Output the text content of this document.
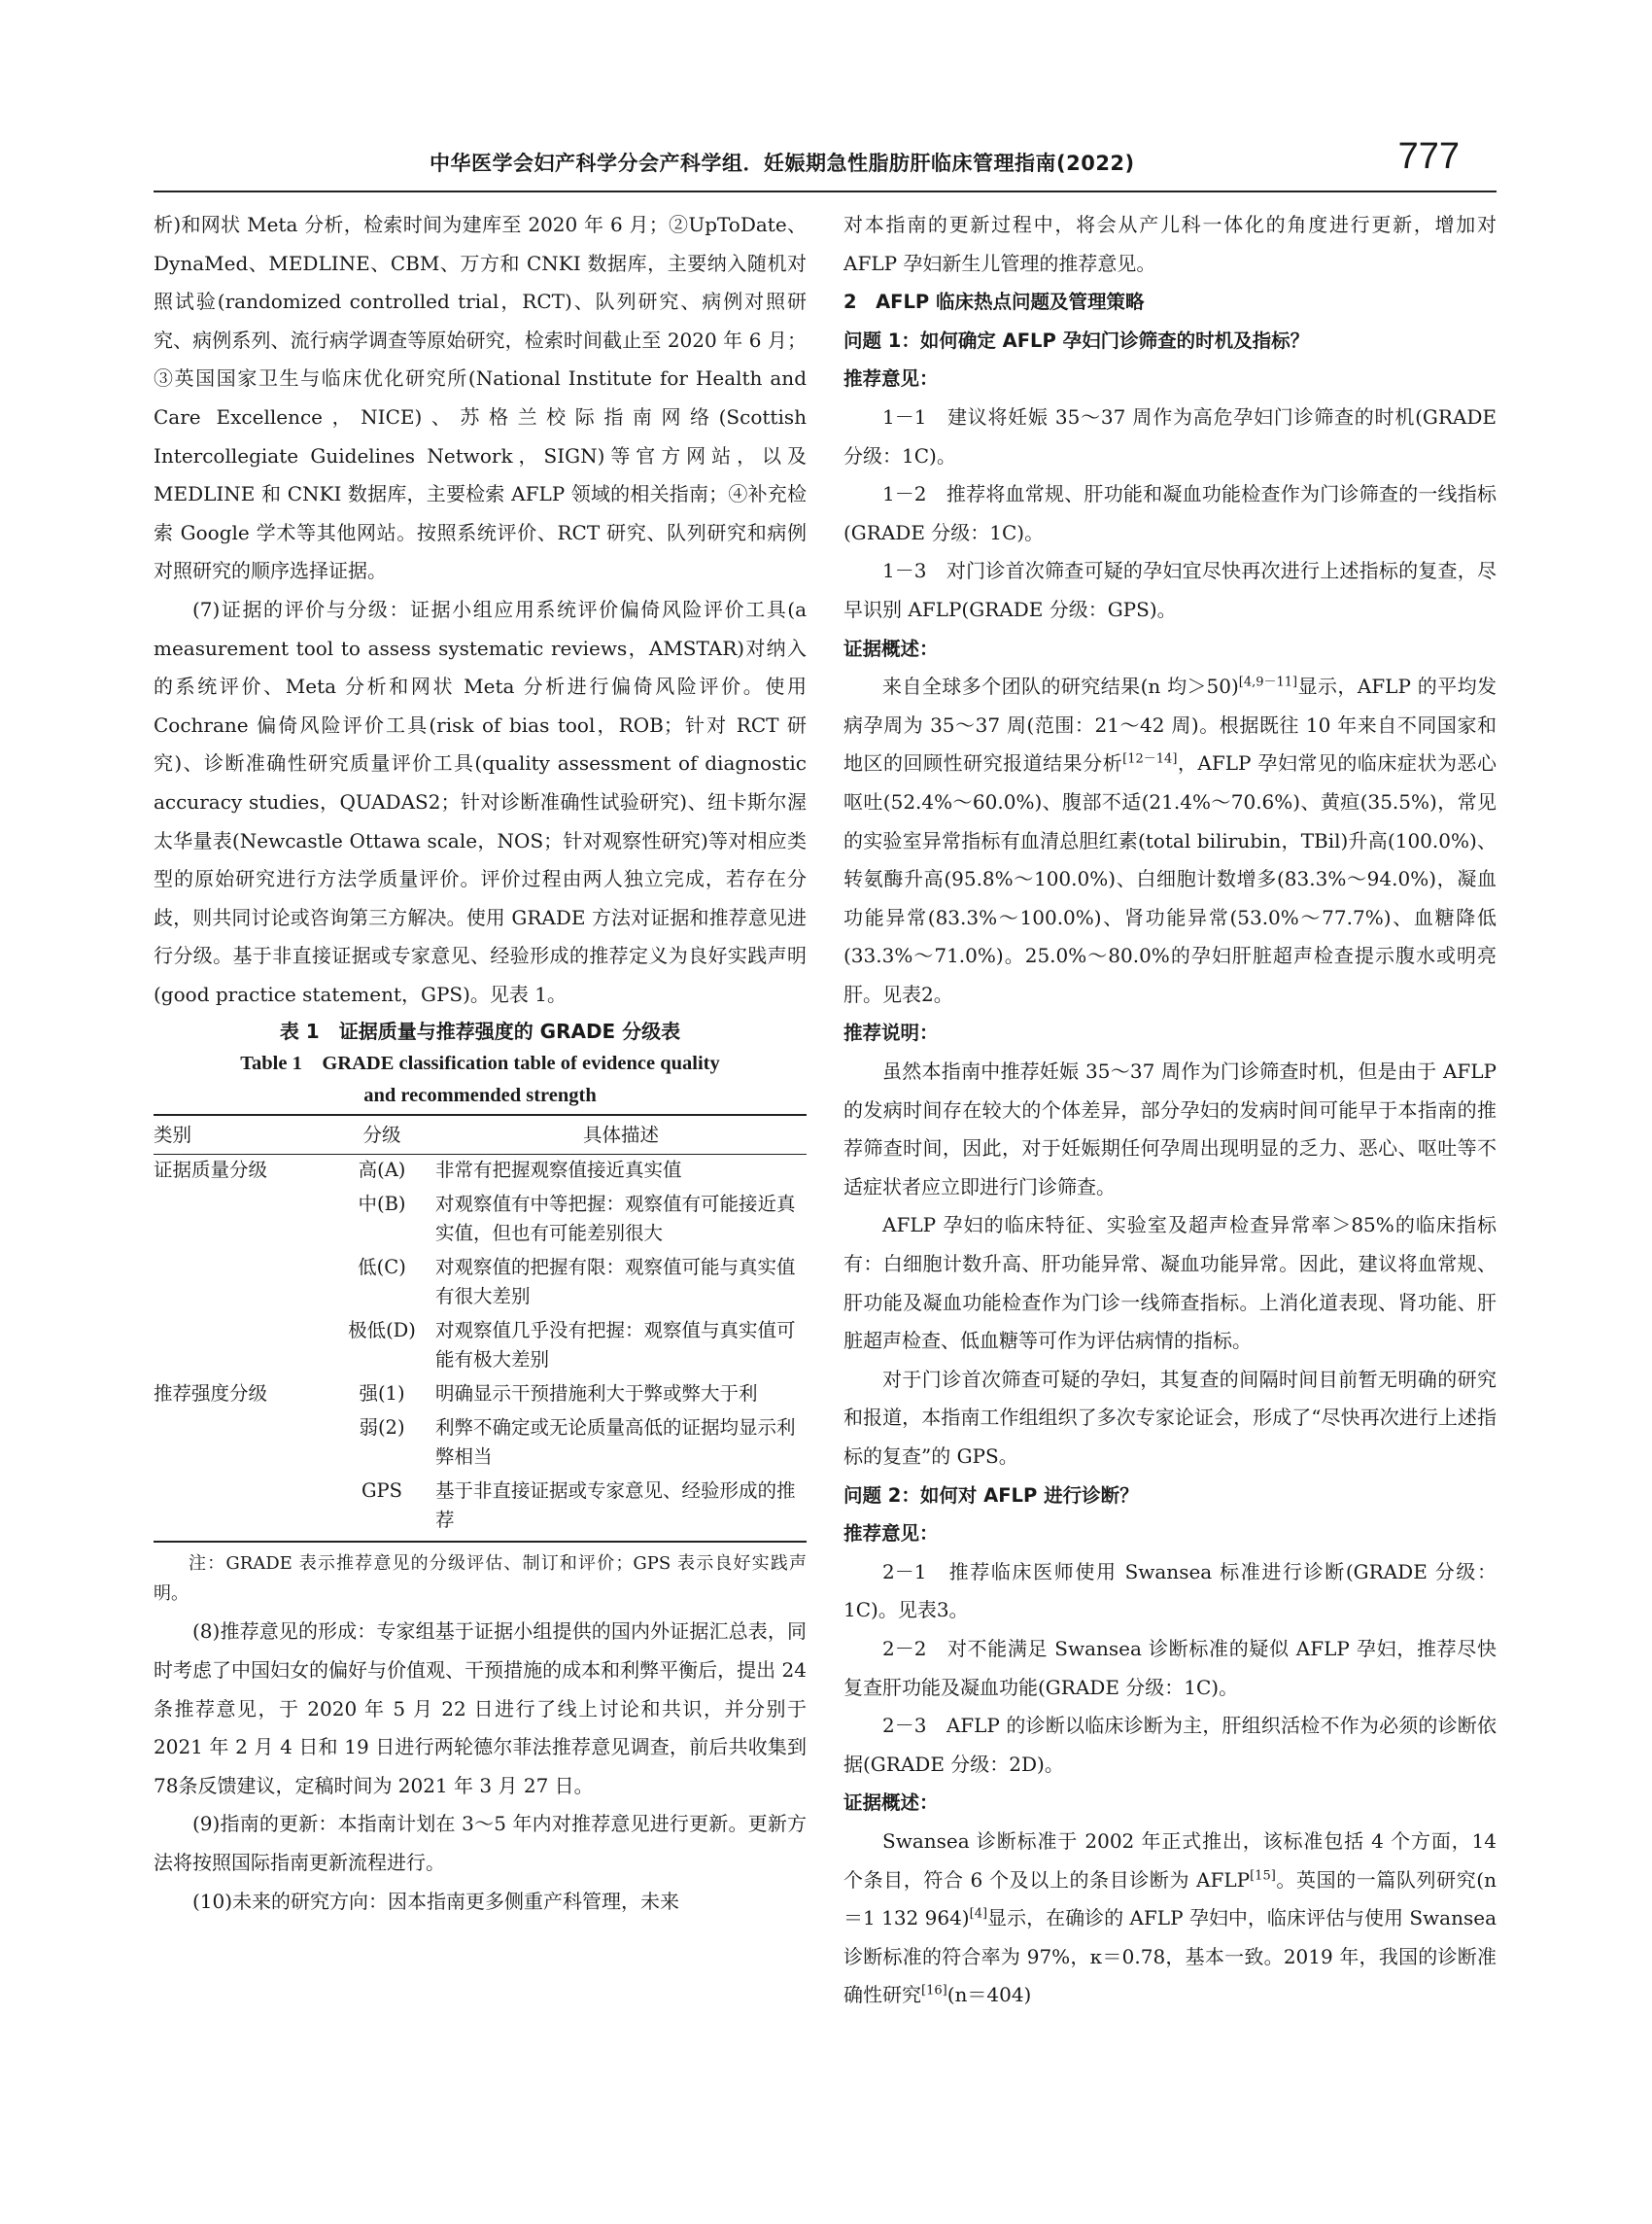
中华医学会妇产科学分会产科学组．妊娠期急性脂肪肝临床管理指南(2022)	777

析)和网状 Meta 分析，检索时间为建库至 2020 年 6 月；②UpToDate、DynaMed、MEDLINE、CBM、万方和 CNKI 数据库，主要纳入随机对照试验(randomized controlled trial，RCT)、队列研究、病例对照研究、病例系列、流行病学调查等原始研究，检索时间截止至 2020 年 6 月；③英国国家卫生与临床优化研究所(National Institute for Health and Care Excellence，NICE)、苏格兰校际指南网络(Scottish Intercollegiate Guidelines Network，SIGN)等官方网站，以及 MEDLINE 和 CNKI 数据库，主要检索 AFLP 领域的相关指南；④补充检索 Google 学术等其他网站。按照系统评价、RCT 研究、队列研究和病例对照研究的顺序选择证据。

(7)证据的评价与分级：证据小组应用系统评价偏倚风险评价工具(a measurement tool to assess systematic reviews，AMSTAR)对纳入的系统评价、Meta 分析和网状 Meta 分析进行偏倚风险评价。使用 Cochrane 偏倚风险评价工具(risk of bias tool，ROB；针对 RCT 研究)、诊断准确性研究质量评价工具(quality assessment of diagnostic accuracy studies，QUADAS2；针对诊断准确性试验研究)、纽卡斯尔渥太华量表(Newcastle Ottawa scale，NOS；针对观察性研究)等对相应类型的原始研究进行方法学质量评价。评价过程由两人独立完成，若存在分歧，则共同讨论或咨询第三方解决。使用 GRADE 方法对证据和推荐意见进行分级。基于非直接证据或专家意见、经验形成的推荐定义为良好实践声明(good practice statement，GPS)。见表 1。

表 1　证据质量与推荐强度的 GRADE 分级表
Table 1　GRADE classification table of evidence quality
and recommended strength
类别	分级	具体描述
证据质量分级	高(A)	非常有把握观察值接近真实值
	中(B)	对观察值有中等把握：观察值有可能接近真实值，但也有可能差别很大
	低(C)	对观察值的把握有限：观察值可能与真实值有很大差别
	极低(D)	对观察值几乎没有把握：观察值与真实值可能有极大差别
推荐强度分级	强(1)	明确显示干预措施利大于弊或弊大于利
	弱(2)	利弊不确定或无论质量高低的证据均显示利弊相当
	GPS	基于非直接证据或专家意见、经验形成的推荐
注：GRADE 表示推荐意见的分级评估、制订和评价；GPS 表示良好实践声明。

(8)推荐意见的形成：专家组基于证据小组提供的国内外证据汇总表，同时考虑了中国妇女的偏好与价值观、干预措施的成本和利弊平衡后，提出 24 条推荐意见，于 2020 年 5 月 22 日进行了线上讨论和共识，并分别于 2021 年 2 月 4 日和 19 日进行两轮德尔菲法推荐意见调查，前后共收集到78条反馈建议，定稿时间为 2021 年 3 月 27 日。

(9)指南的更新：本指南计划在 3～5 年内对推荐意见进行更新。更新方法将按照国际指南更新流程进行。

(10)未来的研究方向：因本指南更多侧重产科管理，未来

对本指南的更新过程中，将会从产儿科一体化的角度进行更新，增加对 AFLP 孕妇新生儿管理的推荐意见。

2　AFLP 临床热点问题及管理策略

问题 1：如何确定 AFLP 孕妇门诊筛查的时机及指标？

推荐意见：

1－1　建议将妊娠 35～37 周作为高危孕妇门诊筛查的时机(GRADE 分级：1C)。

1－2　推荐将血常规、肝功能和凝血功能检查作为门诊筛查的一线指标(GRADE 分级：1C)。

1－3　对门诊首次筛查可疑的孕妇宜尽快再次进行上述指标的复查，尽早识别 AFLP(GRADE 分级：GPS)。

证据概述：

来自全球多个团队的研究结果(n 均＞50)[4,9－11]显示，AFLP 的平均发病孕周为 35～37 周(范围：21～42 周)。根据既往 10 年来自不同国家和地区的回顾性研究报道结果分析[12－14]，AFLP 孕妇常见的临床症状为恶心呕吐(52.4%～60.0%)、腹部不适(21.4%～70.6%)、黄疸(35.5%)，常见的实验室异常指标有血清总胆红素(total bilirubin，TBil)升高(100.0%)、转氨酶升高(95.8%～100.0%)、白细胞计数增多(83.3%～94.0%)，凝血功能异常(83.3%～100.0%)、肾功能异常(53.0%～77.7%)、血糖降低(33.3%～71.0%)。25.0%～80.0%的孕妇肝脏超声检查提示腹水或明亮肝。见表2。

推荐说明：

虽然本指南中推荐妊娠 35～37 周作为门诊筛查时机，但是由于 AFLP 的发病时间存在较大的个体差异，部分孕妇的发病时间可能早于本指南的推荐筛查时间，因此，对于妊娠期任何孕周出现明显的乏力、恶心、呕吐等不适症状者应立即进行门诊筛查。

AFLP 孕妇的临床特征、实验室及超声检查异常率＞85%的临床指标有：白细胞计数升高、肝功能异常、凝血功能异常。因此，建议将血常规、肝功能及凝血功能检查作为门诊一线筛查指标。上消化道表现、肾功能、肝脏超声检查、低血糖等可作为评估病情的指标。

对于门诊首次筛查可疑的孕妇，其复查的间隔时间目前暂无明确的研究和报道，本指南工作组组织了多次专家论证会，形成了“尽快再次进行上述指标的复查”的 GPS。

问题 2：如何对 AFLP 进行诊断？

推荐意见：

2－1　推荐临床医师使用 Swansea 标准进行诊断(GRADE 分级：1C)。见表3。

2－2　对不能满足 Swansea 诊断标准的疑似 AFLP 孕妇，推荐尽快复查肝功能及凝血功能(GRADE 分级：1C)。

2－3　AFLP 的诊断以临床诊断为主，肝组织活检不作为必须的诊断依据(GRADE 分级：2D)。

证据概述：

Swansea 诊断标准于 2002 年正式推出，该标准包括 4 个方面，14 个条目，符合 6 个及以上的条目诊断为 AFLP[15]。英国的一篇队列研究(n＝1 132 964)[4]显示，在确诊的 AFLP 孕妇中，临床评估与使用 Swansea 诊断标准的符合率为 97%，κ＝0.78，基本一致。2019 年，我国的诊断准确性研究[16](n＝404)
